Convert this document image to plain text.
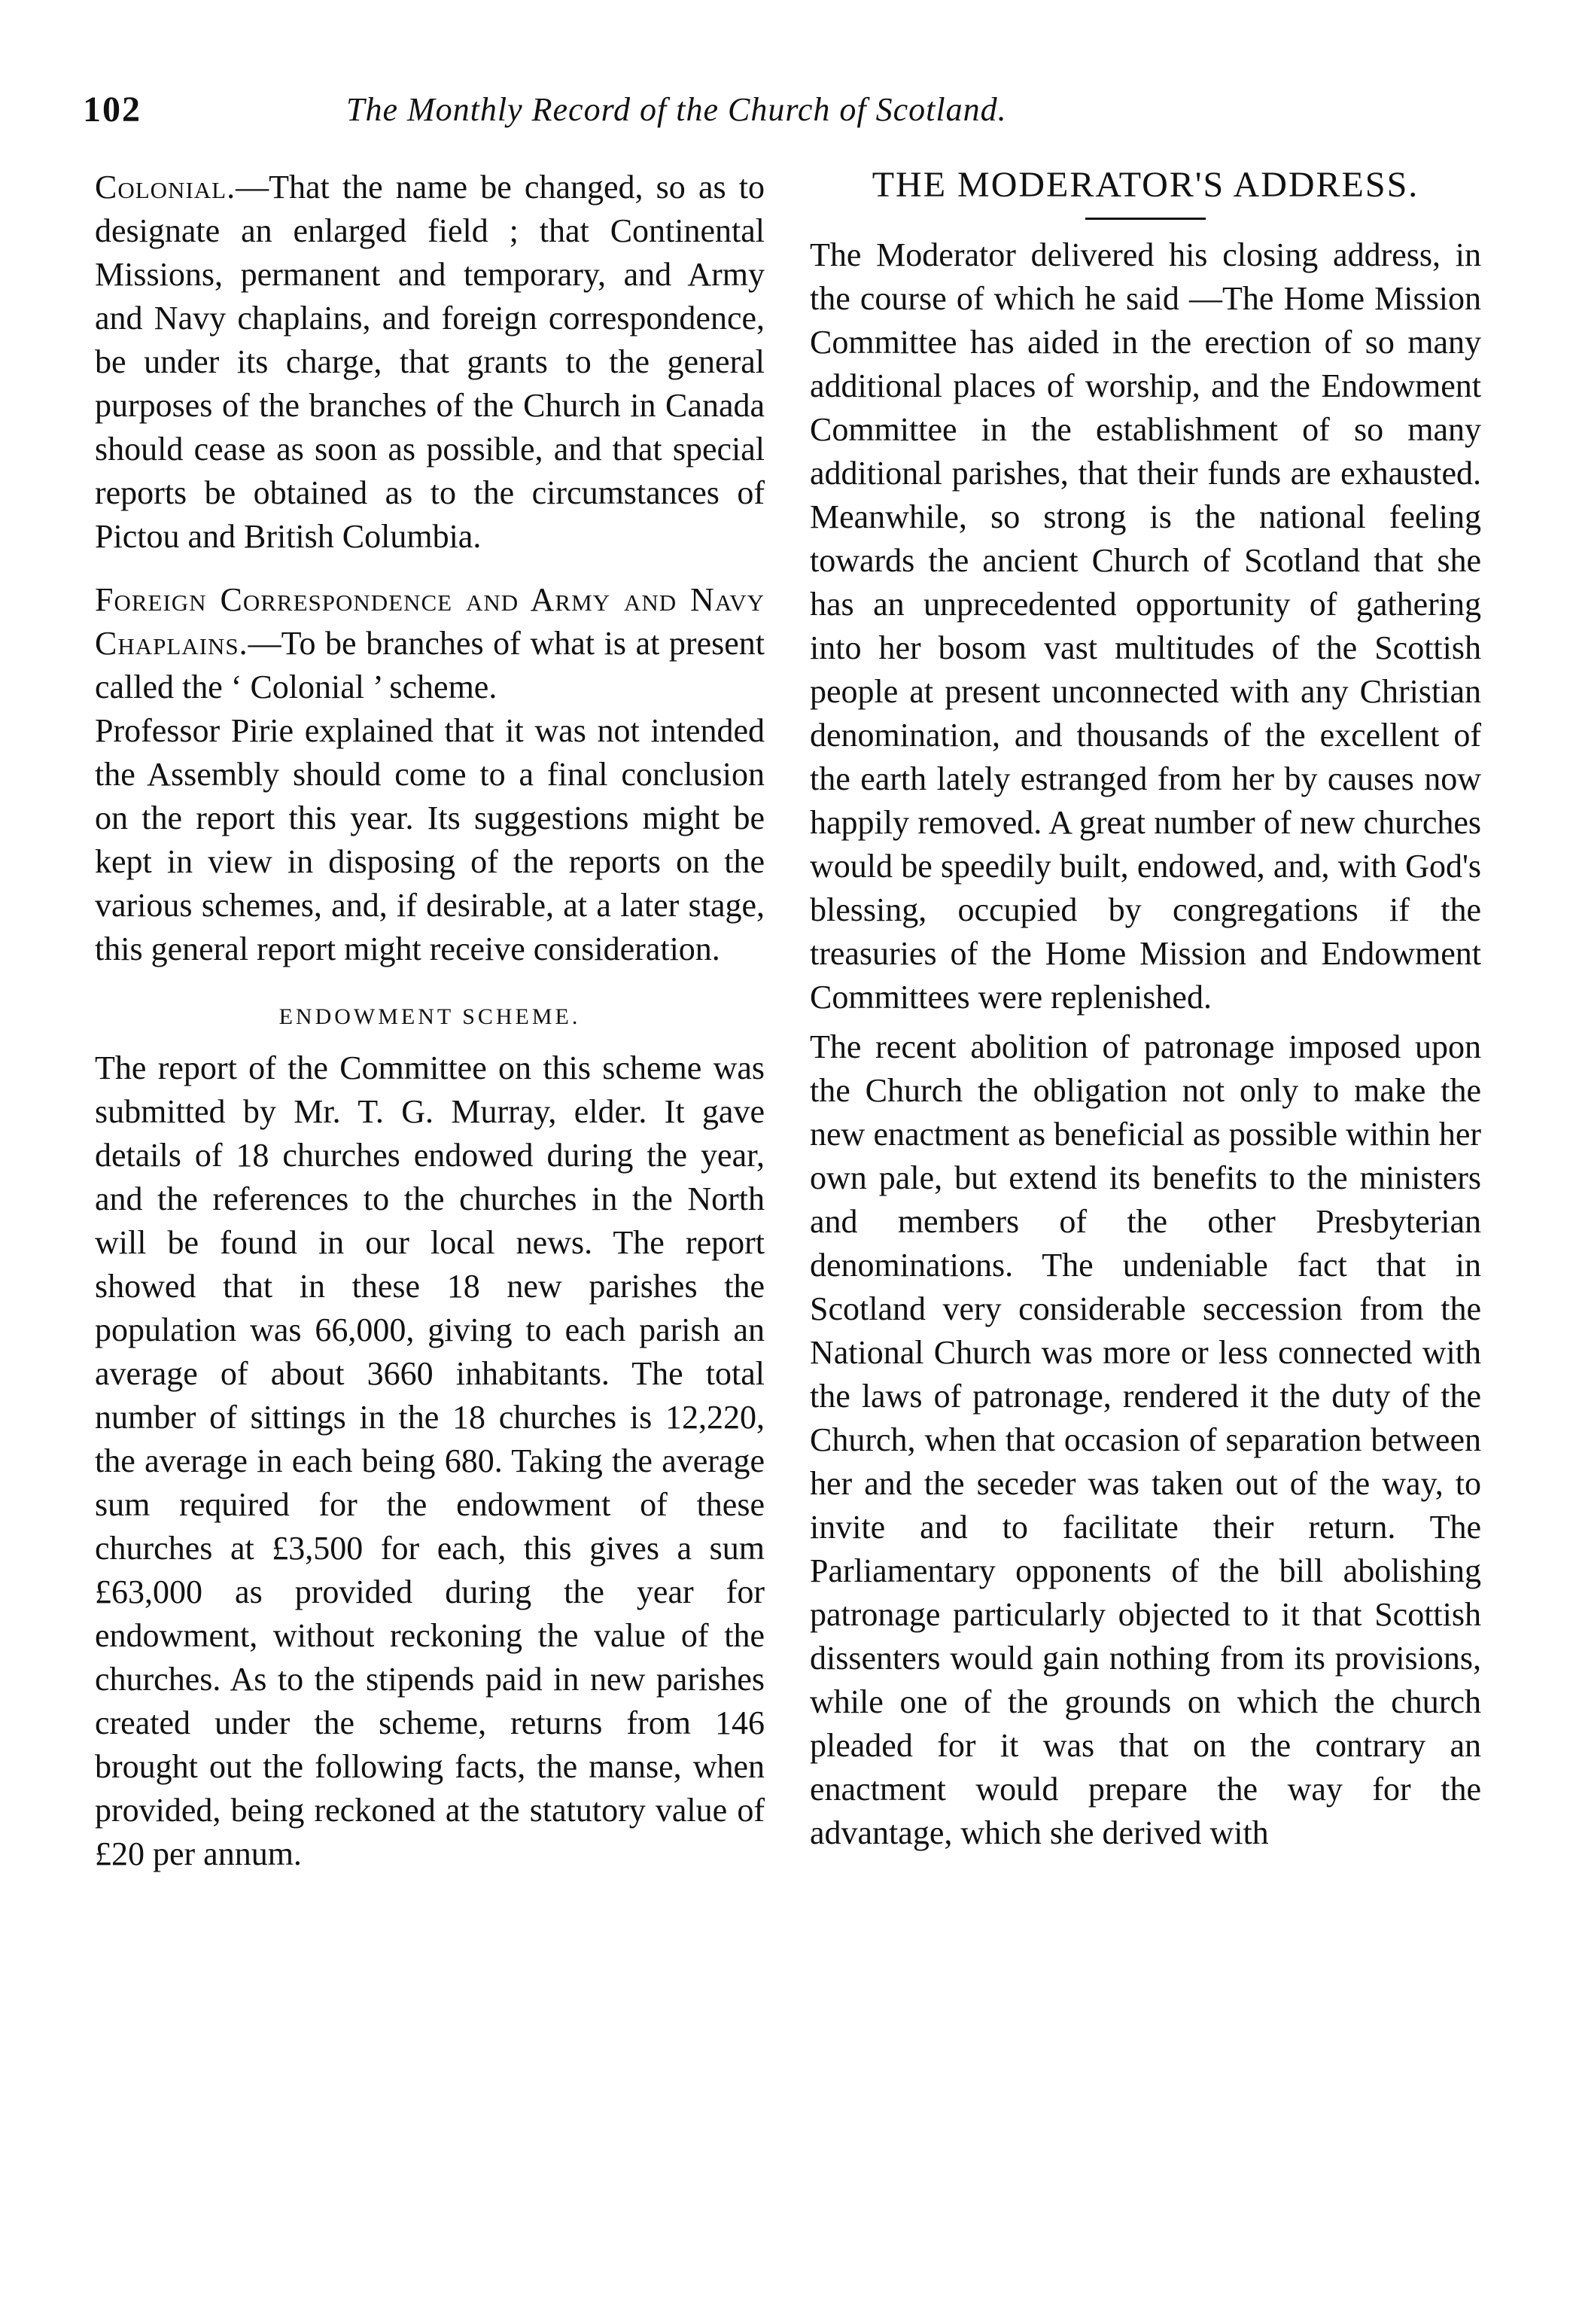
102	The Monthly Record of the Church of Scotland.

Colonial.—That the name be changed, so as to designate an enlarged field ; that Continental Missions, permanent and temporary, and Army and Navy chaplains, and foreign correspondence, be under its charge, that grants to the general purposes of the branches of the Church in Canada should cease as soon as possible, and that special reports be obtained as to the circumstances of Pictou and British Columbia.

Foreign Correspondence and Army and Navy Chaplains.—To be branches of what is at present called the ‘ Colonial ’ scheme.

Professor Pirie explained that it was not intended the Assembly should come to a final conclusion on the report this year. Its suggestions might be kept in view in disposing of the reports on the various schemes, and, if desirable, at a later stage, this general report might receive consideration.

ENDOWMENT SCHEME.

The report of the Committee on this scheme was submitted by Mr. T. G. Murray, elder. It gave details of 18 churches endowed during the year, and the references to the churches in the North will be found in our local news. The report showed that in these 18 new parishes the population was 66,000, giving to each parish an average of about 3660 inhabitants. The total number of sittings in the 18 churches is 12,220, the average in each being 680. Taking the average sum required for the endowment of these churches at £3,500 for each, this gives a sum £63,000 as provided during the year for endowment, without reckoning the value of the churches. As to the stipends paid in new parishes created under the scheme, returns from 146 brought out the following facts, the manse, when provided, being reckoned at the statutory value of £20 per annum.

THE MODERATOR'S ADDRESS.

The Moderator delivered his closing address, in the course of which he said —The Home Mission Committee has aided in the erection of so many additional places of worship, and the Endowment Committee in the establishment of so many additional parishes, that their funds are exhausted. Meanwhile, so strong is the national feeling towards the ancient Church of Scotland that she has an unprecedented opportunity of gathering into her bosom vast multitudes of the Scottish people at present unconnected with any Christian denomination, and thousands of the excellent of the earth lately estranged from her by causes now happily removed. A great number of new churches would be speedily built, endowed, and, with God's blessing, occupied by congregations if the treasuries of the Home Mission and Endowment Committees were replenished.

The recent abolition of patronage imposed upon the Church the obligation not only to make the new enactment as beneficial as possible within her own pale, but extend its benefits to the ministers and members of the other Presbyterian denominations. The undeniable fact that in Scotland very considerable seccession from the National Church was more or less connected with the laws of patronage, rendered it the duty of the Church, when that occasion of separation between her and the seceder was taken out of the way, to invite and to facilitate their return. The Parliamentary opponents of the bill abolishing patronage particularly objected to it that Scottish dissenters would gain nothing from its provisions, while one of the grounds on which the church pleaded for it was that on the contrary an enactment would prepare the way for the advantage, which she derived with
